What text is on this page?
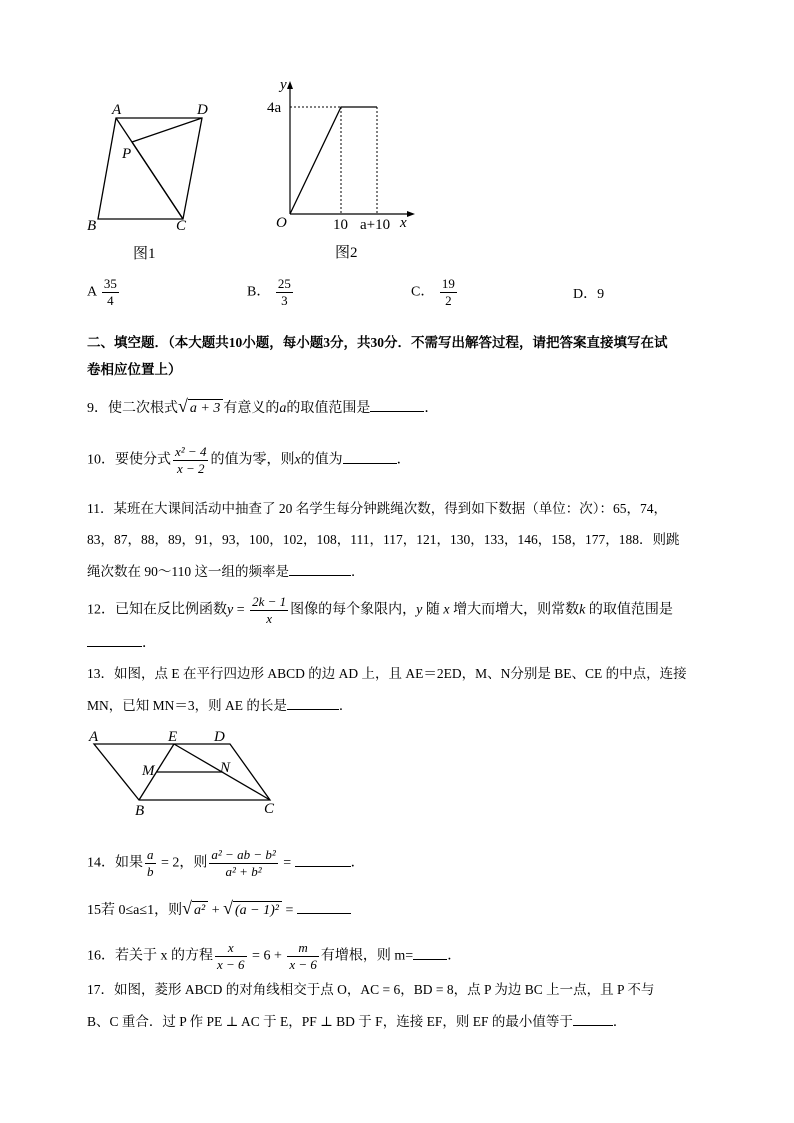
A	D
P
B	C
图1
y
4a
O	10 a+10 x
图2
A $\frac{35}{4}$	B． $\frac{25}{3}$	C． $\frac{19}{2}$	D．9
二、填空题．（本大题共10小题，每小题3分，共30分．不需写出解答过程，请把答案直接填写在试
卷相应位置上）
9．使二次根式√ a + 3 有意义的a的取值范围是	．
10．要使分式 $\frac{\text{x² − 4}}{x - 2}$ 的值为零，则x的值为	．
11．某班在大课间活动中抽查了 20 名学生每分钟跳绳次数，得到如下数据（单位：次）：65，74，
83，87，88，89，91，93，100，102，108，111，117，121，130，133，146，158，177，188．则跳
绳次数在 90～110 这一组的频率是	．
12．已知在反比例函数$y = \frac{2k - 1}{x}$ 图像的每个象限内，y 随 x 增大而增大，则常数k 的取值范围是
．
13．如图，点 E 在平行四边形 ABCD 的边 AD 上，且 AE＝2ED，M、N分别是 BE、CE 的中点，连接
MN，已知 MN＝3，则 AE 的长是	．
A	E D
M	N
B	C
14．如果 $\frac{a}{b} = 2$，则 $\frac{\text{a² − ab − b²}}{\text{a² + b²}}$ =	．
15若 0≤a≤1，则√ a² + √ (a − 1)² =
16．若关于 x 的方程 $\frac{x}{x - 6} = 6 + \frac{m}{x - 6}$ 有增根，则 m= ．
17．如图，菱形 ABCD 的对角线相交于点 O，AC = 6，BD = 8，点 P 为边 BC 上一点，且 P 不与
B、C 重合．过 P 作 PE ⊥ AC 于 E，PF ⊥ BD 于 F，连接 EF，则 EF 的最小值等于	．
